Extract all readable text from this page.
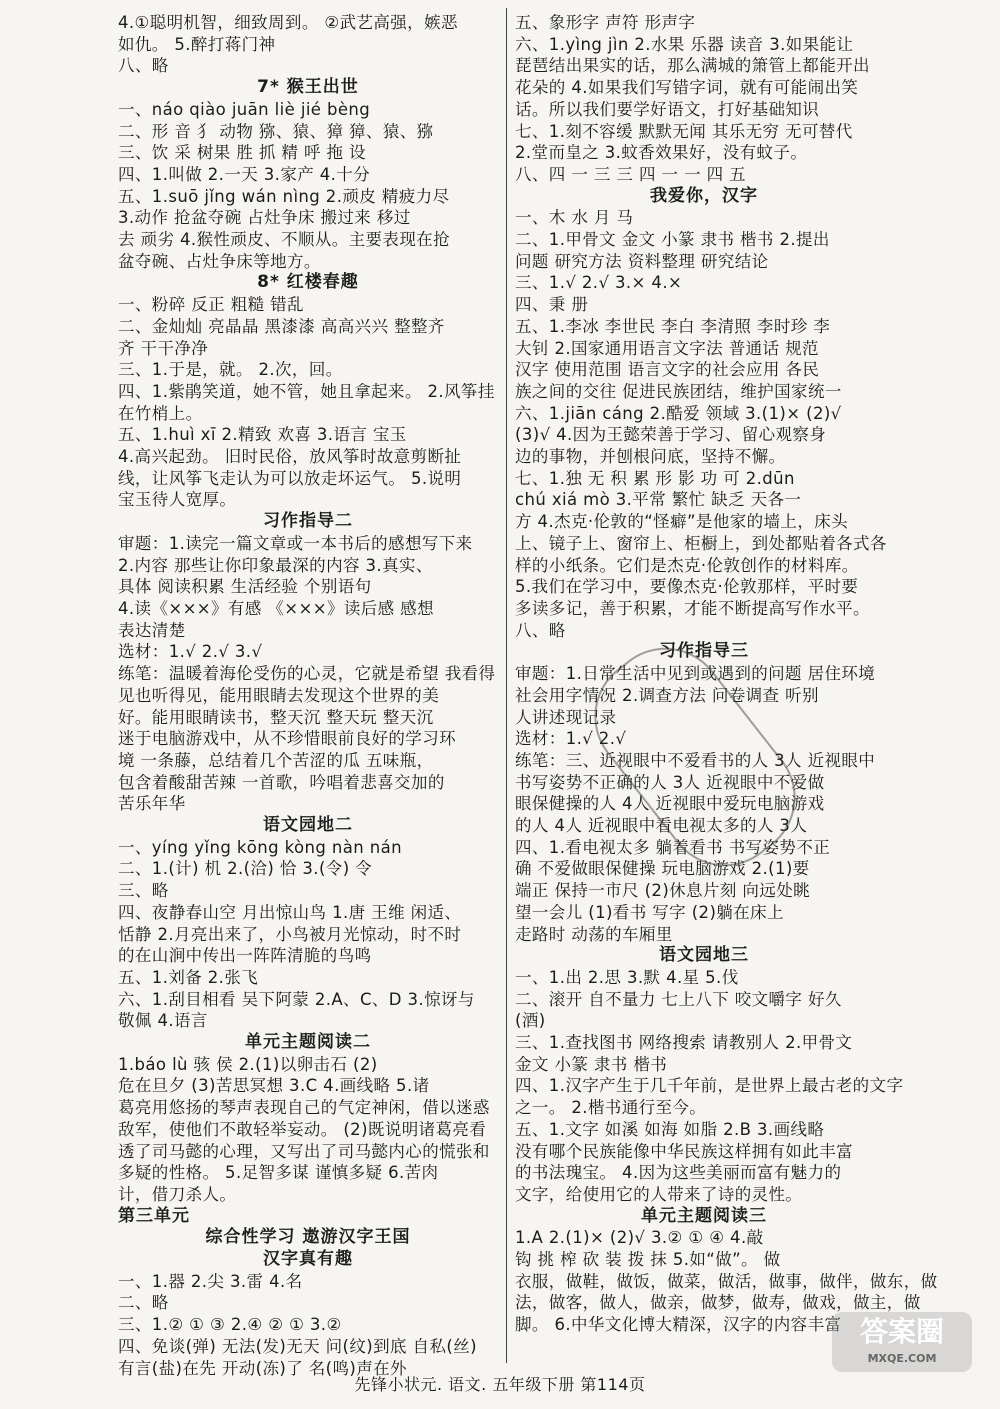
4.①聪明机智，细致周到。 ②武艺高强，嫉恶
如仇。 5.醉打蒋门神
八、略
7* 猴王出世
一、náo qiào juān liè jié bèng
二、形 音 犭 动物 猕、猿、獐 獐、猿、猕
三、饮 采 树果 胜 抓 精 呼 拖 设
四、1.叫做 2.一天 3.家产 4.十分
五、1.suō jǐng wán nìng 2.顽皮 精疲力尽
3.动作 抢盆夺碗 占灶争床 搬过来 移过
去 顽劣 4.猴性顽皮、不顺从。主要表现在抢
盆夺碗、占灶争床等地方。
8* 红楼春趣
一、粉碎 反正 粗糙 错乱
二、金灿灿 亮晶晶 黑漆漆 高高兴兴 整整齐
齐 干干净净
三、1.于是，就。 2.次，回。
四、1.紫鹃笑道，她不管，她且拿起来。 2.风筝挂
在竹梢上。
五、1.huì xī 2.精致 欢喜 3.语言 宝玉
4.高兴起劲。 旧时民俗，放风筝时故意剪断扯
线，让风筝飞走认为可以放走坏运气。 5.说明
宝玉待人宽厚。
习作指导二
审题：1.读完一篇文章或一本书后的感想写下来
2.内容 那些让你印象最深的内容 3.真实、
具体 阅读积累 生活经验 个别语句
4.读《×××》有感 《×××》读后感 感想
表达清楚
选材：1.√ 2.√ 3.√
练笔：温暖着海伦受伤的心灵，它就是希望 我看得
见也听得见，能用眼睛去发现这个世界的美
好。能用眼睛读书，整天沉 整天玩 整天沉
迷于电脑游戏中，从不珍惜眼前良好的学习环
境 一条藤，总结着几个苦涩的瓜 五味瓶，
包含着酸甜苦辣 一首歌，吟唱着悲喜交加的
苦乐年华
语文园地二
一、yíng yǐng kōng kòng nàn nán
二、1.(计) 机 2.(洽) 恰 3.(令) 令
三、略
四、夜静春山空 月出惊山鸟 1.唐 王维 闲适、
恬静 2.月亮出来了，小鸟被月光惊动，时不时
的在山涧中传出一阵阵清脆的鸟鸣
五、1.刘备 2.张飞
六、1.刮目相看 吴下阿蒙 2.A、C、D 3.惊讶与
敬佩 4.语言
单元主题阅读二
1.báo lù 骇 侯 2.(1)以卵击石 (2)
危在旦夕 (3)苦思冥想 3.C 4.画线略 5.诸
葛亮用悠扬的琴声表现自己的气定神闲，借以迷惑
敌军，使他们不敢轻举妄动。 (2)既说明诸葛亮看
透了司马懿的心理，又写出了司马懿内心的慌张和
多疑的性格。 5.足智多谋 谨慎多疑 6.苦肉
计，借刀杀人。
第三单元
综合性学习 遨游汉字王国
汉字真有趣
一、1.器 2.尖 3.雷 4.名
二、略
三、1.② ① ③ 2.④ ② ① 3.②
四、免谈(弹) 无法(发)无天 问(纹)到底 自私(丝)
有言(盐)在先 开动(冻)了 名(鸣)声在外
五、象形字 声符 形声字
六、1.yìng jìn 2.水果 乐器 读音 3.如果能让
琵琶结出果实的话，那么满城的箫管上都能开出
花朵的 4.如果我们写错字词，就有可能闹出笑
话。所以我们要学好语文，打好基础知识
七、1.刻不容缓 默默无闻 其乐无穷 无可替代
2.堂而皇之 3.蚊香效果好，没有蚊子。
八、四 一 三 三 四 一 一 四 五
我爱你，汉字
一、木 水 月 马
二、1.甲骨文 金文 小篆 隶书 楷书 2.提出
问题 研究方法 资料整理 研究结论
三、1.√ 2.√ 3.× 4.×
四、秉 册
五、1.李冰 李世民 李白 李清照 李时珍 李
大钊 2.国家通用语言文字法 普通话 规范
汉字 使用范围 语言文字的社会应用 各民
族之间的交往 促进民族团结，维护国家统一
六、1.jiān cáng 2.酷爱 领域 3.(1)× (2)√
(3)√ 4.因为王懿荣善于学习、留心观察身
边的事物，并刨根问底，坚持不懈。
七、1.独 无 积 累 形 影 功 可 2.dūn
chú xiá mò 3.平常 繁忙 缺乏 天各一
方 4.杰克·伦敦的“怪癖”是他家的墙上，床头
上、镜子上、窗帘上、柜橱上，到处都贴着各式各
样的小纸条。它们是杰克·伦敦创作的材料库。
5.我们在学习中，要像杰克·伦敦那样，平时要
多读多记，善于积累，才能不断提高写作水平。
八、略
习作指导三
审题：1.日常生活中见到或遇到的问题 居住环境
社会用字情况 2.调查方法 问卷调查 听别
人讲述现记录
选材：1.√ 2.√
练笔：三、近视眼中不爱看书的人 3人 近视眼中
书写姿势不正确的人 3人 近视眼中不爱做
眼保健操的人 4人 近视眼中爱玩电脑游戏
的人 4人 近视眼中看电视太多的人 3人
四、1.看电视太多 躺着看书 书写姿势不正
确 不爱做眼保健操 玩电脑游戏 2.(1)要
端正 保持一市尺 (2)休息片刻 向远处眺
望一会儿 (1)看书 写字 (2)躺在床上
走路时 动荡的车厢里
语文园地三
一、1.出 2.思 3.默 4.星 5.伐
二、滚开 自不量力 七上八下 咬文嚼字 好久
(酒)
三、1.查找图书 网络搜索 请教别人 2.甲骨文
金文 小篆 隶书 楷书
四、1.汉字产生于几千年前，是世界上最古老的文字
之一。 2.楷书通行至今。
五、1.文字 如溪 如海 如脂 2.B 3.画线略
没有哪个民族能像中华民族这样拥有如此丰富
的书法瑰宝。 4.因为这些美丽而富有魅力的
文字，给使用它的人带来了诗的灵性。
单元主题阅读三
1.A 2.(1)× (2)√ 3.② ① ④ 4.敲
钩 挑 榨 砍 装 拨 抹 5.如“做”。 做
衣服，做鞋，做饭，做菜，做活，做事，做伴，做东，做
法，做客，做人，做亲，做梦，做寿，做戏，做主，做
脚。 6.中华文化博大精深，汉字的内容丰富
先锋小状元. 语文. 五年级下册 第114页
答案圈
MXQE.COM
